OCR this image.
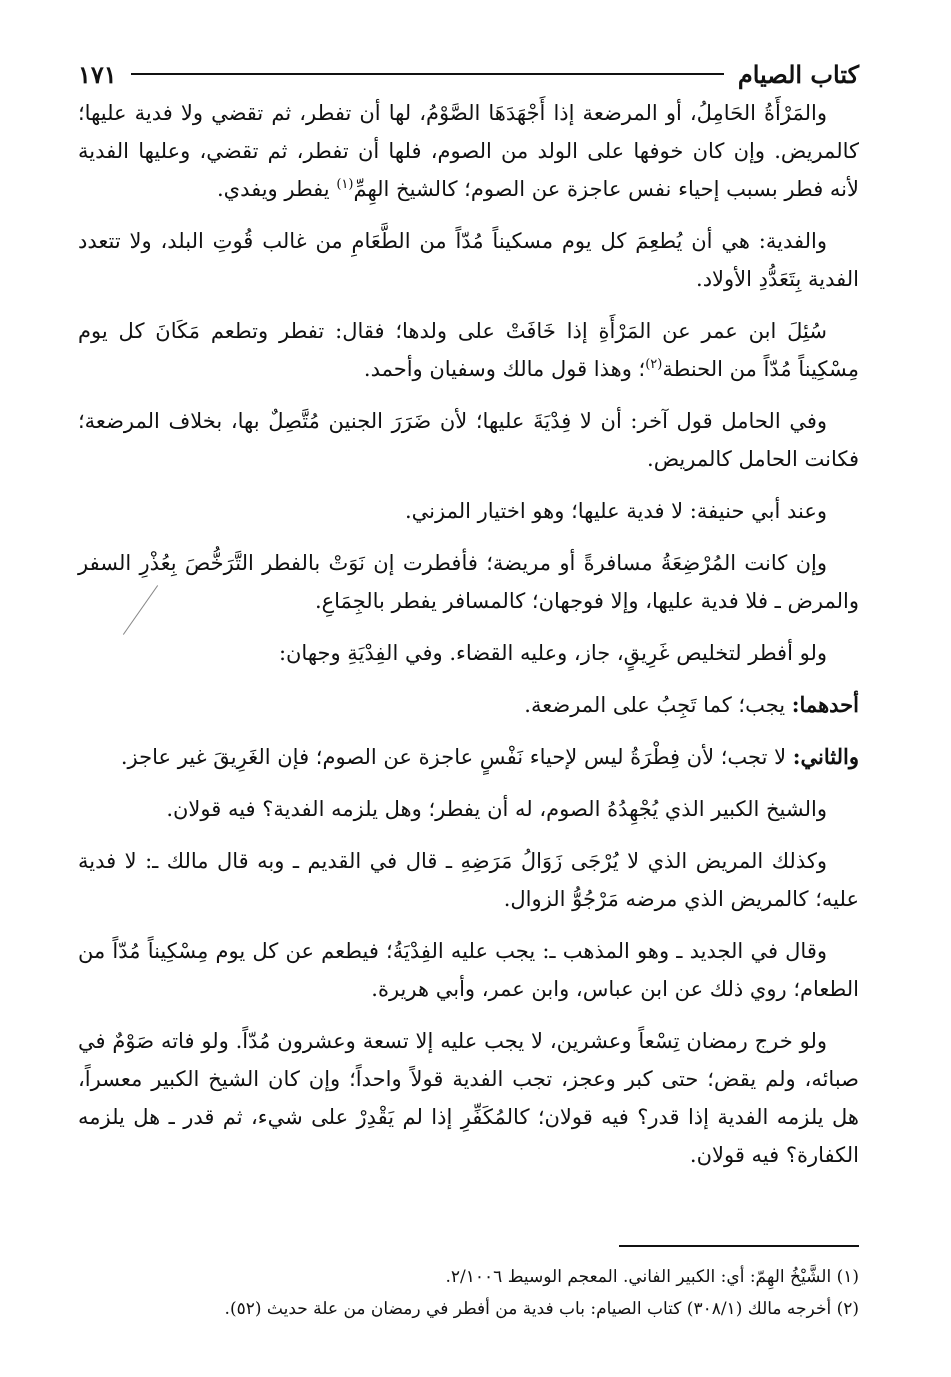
كتاب الصيام
١٧١

والمَرْأَةُ الحَامِلُ، أو المرضعة إذا أَجْهَدَهَا الصَّوْمُ، لها أن تفطر، ثم تقضي ولا فدية عليها؛ كالمريض. وإن كان خوفها على الولد من الصوم، فلها أن تفطر، ثم تقضي، وعليها الفدية لأنه فطر بسبب إحياء نفس عاجزة عن الصوم؛ كالشيخ الهِمِّ$^{(١)}$ يفطر ويفدي.

والفدية: هي أن يُطعِمَ كل يوم مسكيناً مُدّاً من الطَّعَامِ من غالب قُوتِ البلد، ولا تتعدد الفدية بِتَعَدُّدِ الأولاد.

سُئِلَ ابن عمر عن المَرْأَةِ إذا خَافَتْ على ولدها؛ فقال: تفطر وتطعم مَكَانَ كل يوم مِسْكِيناً مُدّاً من الحنطة$^{(٢)}$؛ وهذا قول مالك وسفيان وأحمد.

وفي الحامل قول آخر: أن لا فِدْيَةَ عليها؛ لأن ضَرَرَ الجنين مُتَّصِلٌ بها، بخلاف المرضعة؛ فكانت الحامل كالمريض.

وعند أبي حنيفة: لا فدية عليها؛ وهو اختيار المزني.

وإن كانت المُرْضِعَةُ مسافرةً أو مريضة؛ فأفطرت إن نَوَتْ بالفطر التَّرَخُّصَ بِعُذْرِ السفر والمرض ـ فلا فدية عليها، وإلا فوجهان؛ كالمسافر يفطر بالجِمَاعِ.

ولو أفطر لتخليص غَرِيقٍ، جاز، وعليه القضاء. وفي الفِدْيَةِ وجهان:

أحدهما: يجب؛ كما تَجِبُ على المرضعة.

والثاني: لا تجب؛ لأن فِطْرَةُ ليس لإحياء نَفْسٍ عاجزة عن الصوم؛ فإن الغَرِيقَ غير عاجز.

والشيخ الكبير الذي يُجْهِدُهُ الصوم، له أن يفطر؛ وهل يلزمه الفدية؟ فيه قولان.

وكذلك المريض الذي لا يُرْجَى زَوَالُ مَرَضِهِ ـ قال في القديم ـ وبه قال مالك ـ: لا فدية عليه؛ كالمريض الذي مرضه مَرْجُوُّ الزوال.

وقال في الجديد ـ وهو المذهب ـ: يجب عليه الفِدْيَةُ؛ فيطعم عن كل يوم مِسْكِيناً مُدّاً من الطعام؛ روي ذلك عن ابن عباس، وابن عمر، وأبي هريرة.

ولو خرج رمضان تِسْعاً وعشرين، لا يجب عليه إلا تسعة وعشرون مُدّاً. ولو فاته صَوْمٌ في صبائه، ولم يقض؛ حتى كبر وعجز، تجب الفدية قولاً واحداً؛ وإن كان الشيخ الكبير معسراً، هل يلزمه الفدية إذا قدر؟ فيه قولان؛ كالمُكَفِّرِ إذا لم يَقْدِرْ على شيء، ثم قدر ـ هل يلزمه الكفارة؟ فيه قولان.

(١) الشَّيْخُ الهِمّ: أي: الكبير الفاني. المعجم الوسيط ٢/١٠٠٦.

(٢) أخرجه مالك (٣٠٨/١) كتاب الصيام: باب فدية من أفطر في رمضان من علة حديث (٥٢).
